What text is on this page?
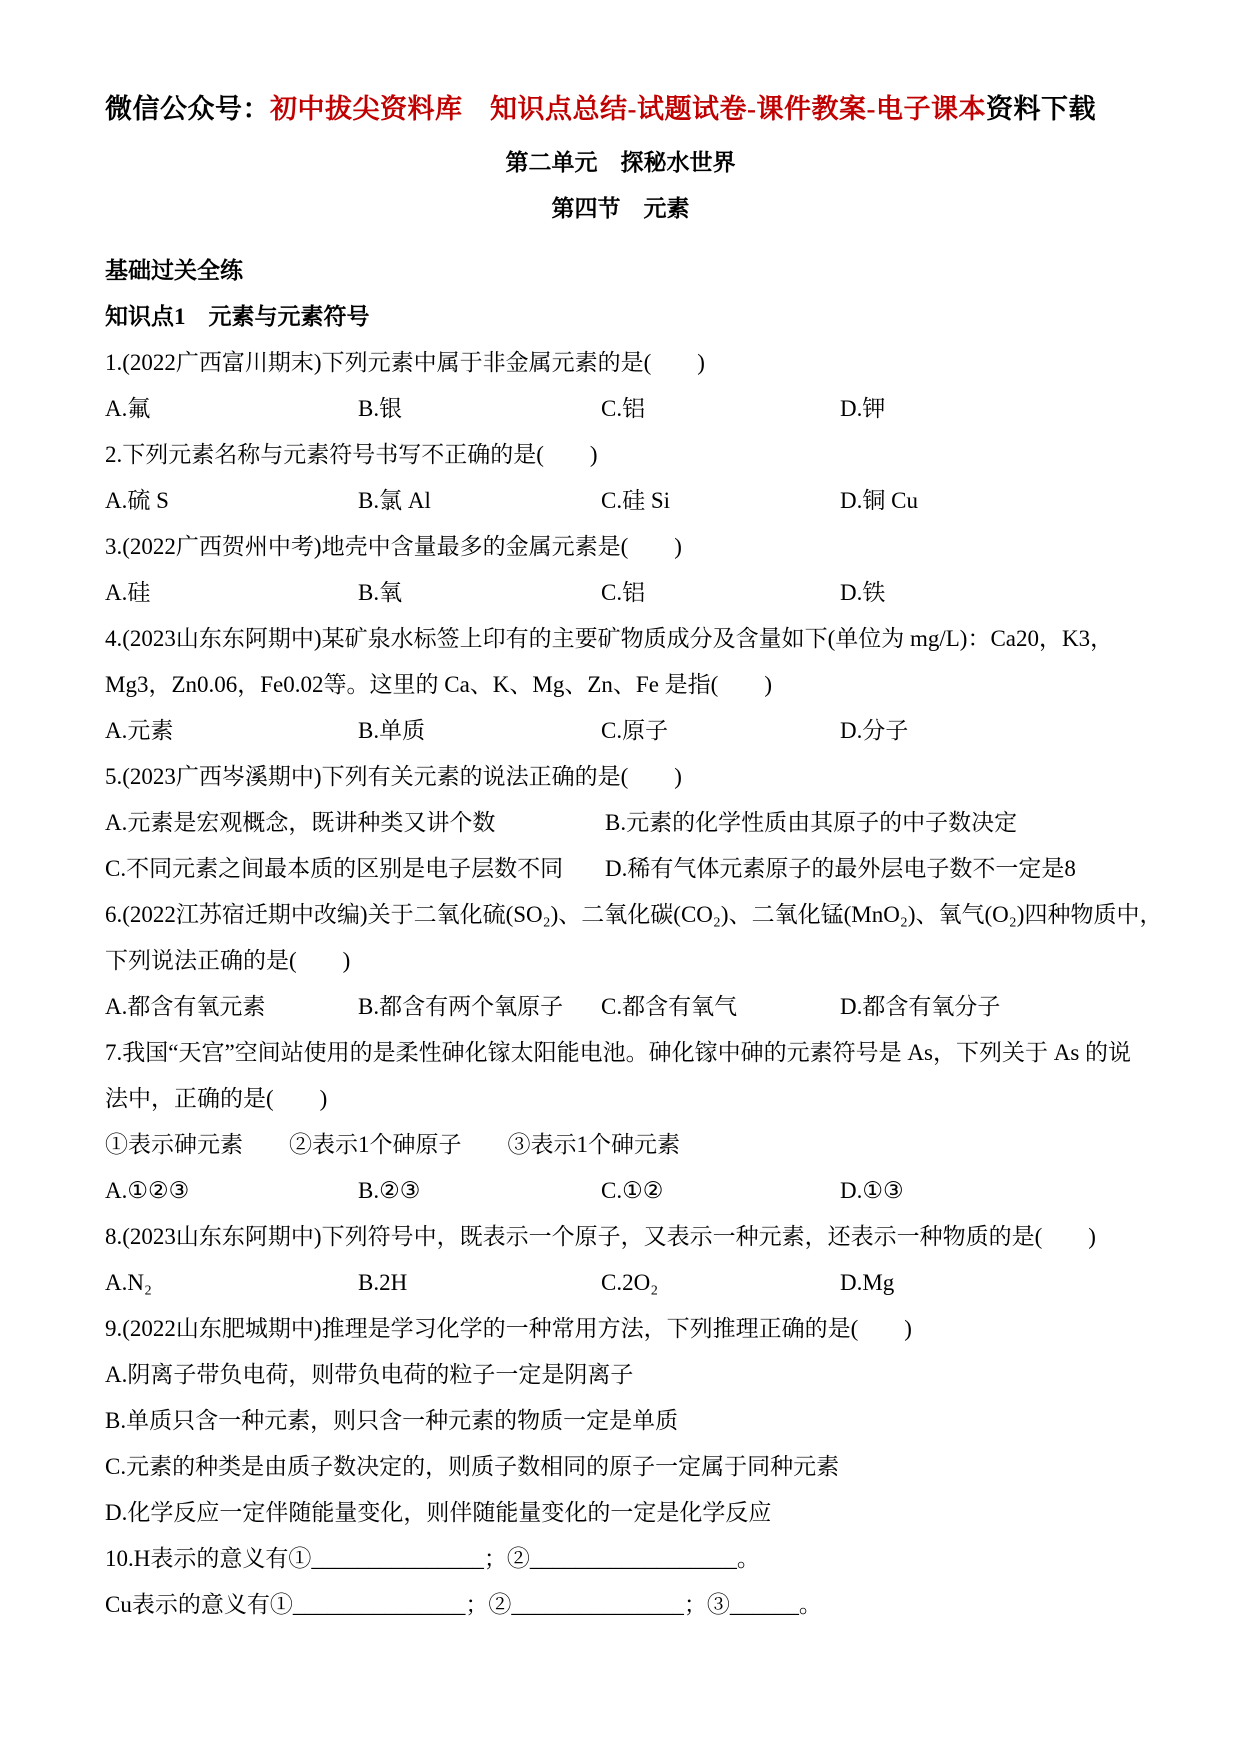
微信公众号：初中拔尖资料库　知识点总结-试题试卷-课件教案-电子课本资料下载

第二单元　探秘水世界

第四节　元素

基础过关全练

知识点1　元素与元素符号

1.(2022广西富川期末)下列元素中属于非金属元素的是(　　)

A.氟	B.银	C.铝	D.钾

2.下列元素名称与元素符号书写不正确的是(　　)

A.硫 S	B.氯 Al	C.硅 Si	D.铜 Cu

3.(2022广西贺州中考)地壳中含量最多的金属元素是(　　)

A.硅	B.氧	C.铝	D.铁

4.(2023山东东阿期中)某矿泉水标签上印有的主要矿物质成分及含量如下(单位为 mg/L)：Ca20，K3，

Mg3，Zn0.06，Fe0.02等。这里的 Ca、K、Mg、Zn、Fe 是指(　　)

A.元素	B.单质	C.原子	D.分子

5.(2023广西岑溪期中)下列有关元素的说法正确的是(　　)

A.元素是宏观概念，既讲种类又讲个数	B.元素的化学性质由其原子的中子数决定
C.不同元素之间最本质的区别是电子层数不同	D.稀有气体元素原子的最外层电子数不一定是8

6.(2022江苏宿迁期中改编)关于二氧化硫(SO₂)、二氧化碳(CO₂)、二氧化锰(MnO₂)、氧气(O₂)四种物质中，

下列说法正确的是(　　)

A.都含有氧元素	B.都含有两个氧原子	C.都含有氧气	D.都含有氧分子

7.我国“天宫”空间站使用的是柔性砷化镓太阳能电池。砷化镓中砷的元素符号是 As，下列关于 As 的说

法中，正确的是(　　)

①表示砷元素　　②表示1个砷原子　　③表示1个砷元素

A.①②③	B.②③	C.①②	D.①③

8.(2023山东东阿期中)下列符号中，既表示一个原子，又表示一种元素，还表示一种物质的是(　　)

A.N₂	B.2H	C.2O₂	D.Mg

9.(2022山东肥城期中)推理是学习化学的一种常用方法，下列推理正确的是(　　)

A.阴离子带负电荷，则带负电荷的粒子一定是阴离子

B.单质只含一种元素，则只含一种元素的物质一定是单质

C.元素的种类是由质子数决定的，则质子数相同的原子一定属于同种元素

D.化学反应一定伴随能量变化，则伴随能量变化的一定是化学反应

10.H表示的意义有①_______________；②__________________。

Cu表示的意义有①_______________；②_______________；③______。
